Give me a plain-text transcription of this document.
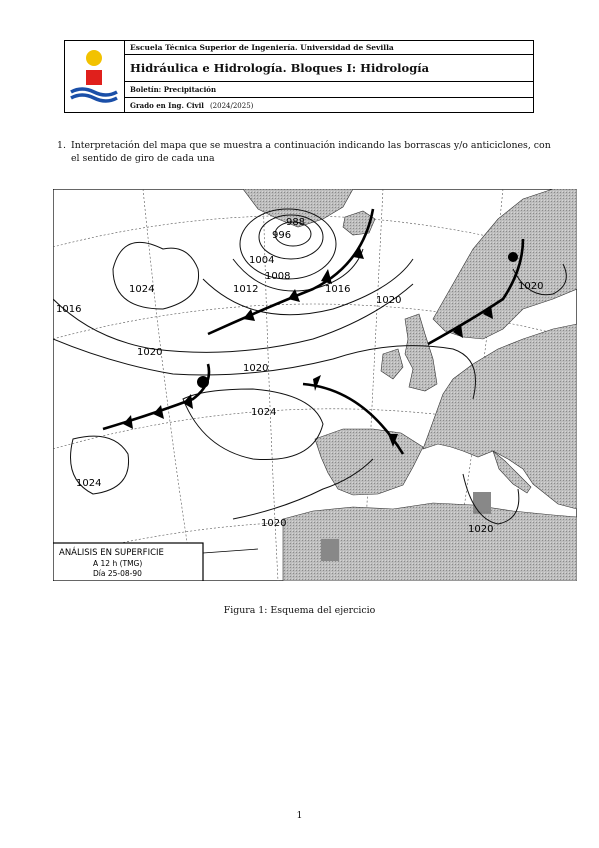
Escuela Técnica Superior de Ingeniería. Universidad de Sevilla
Hidráulica e Hidrología. Bloques I: Hidrología
Boletín: Precipitación
Grado en Ing. Civil (2024/2025)
1. Interpretación del mapa que se muestra a continuación indicando las borrascas y/o anticiclones, con el sentido de giro de cada una
988
996
1004
1008
1012	1016
1024
1016
1020
1020
1024
1024
1020
1020
1020
1020
ANÁLISIS EN SUPERFICIE
A 12 h (TMG)
Día 25-08-90
Figura 1: Esquema del ejercicio
1
